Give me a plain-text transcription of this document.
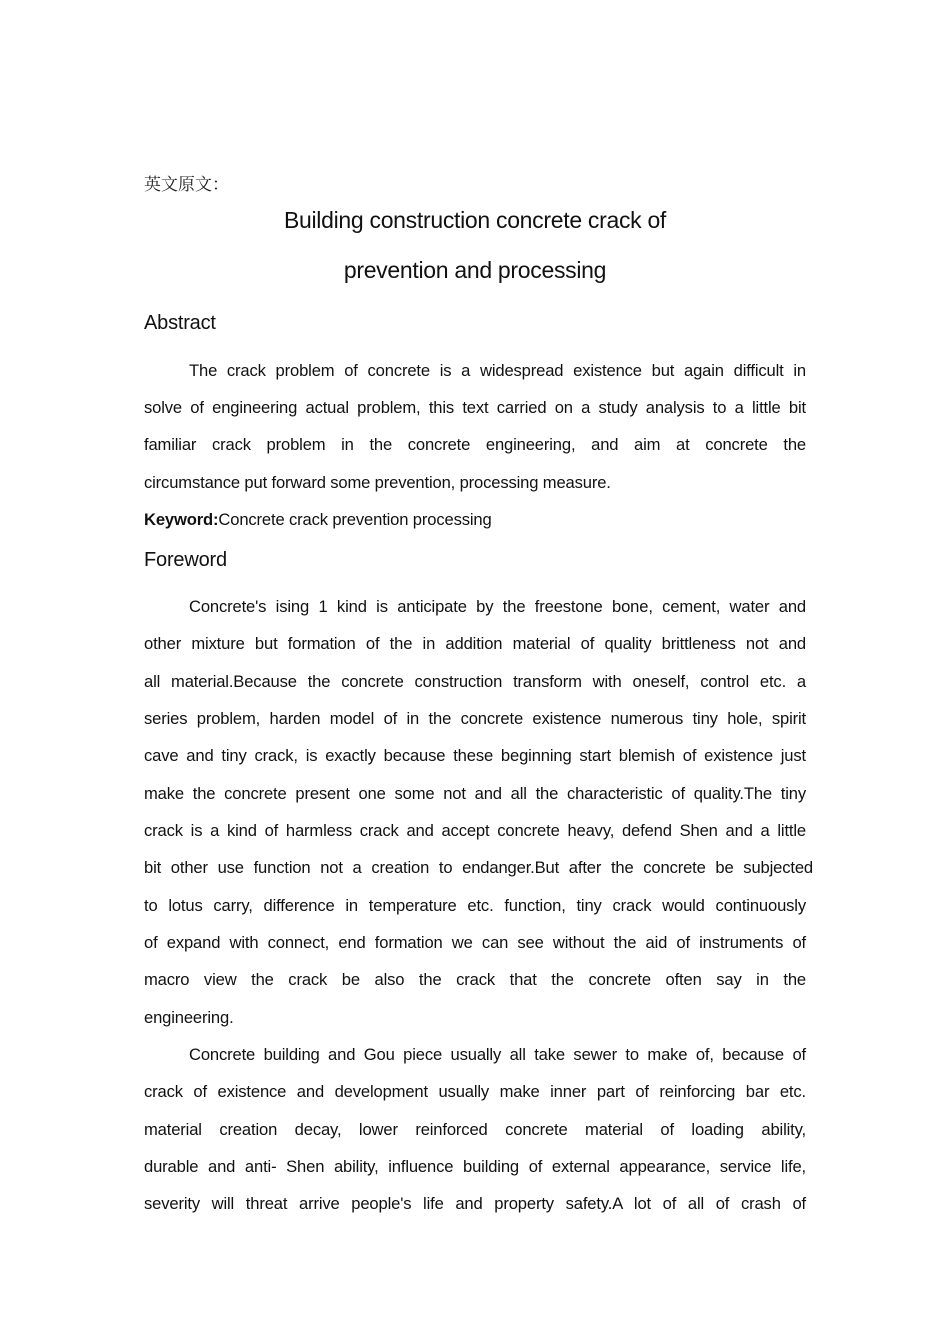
英文原文：
Building construction concrete crack of
prevention and processing
Abstract
The crack problem of concrete is a widespread existence but again difficult in
solve of engineering actual problem, this text carried on a study analysis to a little bit
familiar crack problem in the concrete engineering, and aim at concrete the
circumstance put forward some prevention, processing measure.
Keyword:Concrete crack prevention processing
Foreword
Concrete's ising 1 kind is anticipate by the freestone bone, cement, water and
other mixture but formation of the in addition material of quality brittleness not and
all material.Because the concrete construction transform with oneself, control etc. a
series problem, harden model of in the concrete existence numerous tiny hole, spirit
cave and tiny crack, is exactly because these beginning start blemish of existence just
make the concrete present one some not and all the characteristic of quality.The tiny
crack is a kind of harmless crack and accept concrete heavy, defend Shen and a little
bit other use function not a creation to endanger.But after the concrete be subjected
to lotus carry, difference in temperature etc. function, tiny crack would continuously
of expand with connect, end formation we can see without the aid of instruments of
macro view the crack be also the crack that the concrete often say in the
engineering.
Concrete building and Gou piece usually all take sewer to make of, because of
crack of existence and development usually make inner part of reinforcing bar etc.
material creation decay, lower reinforced concrete material of loading ability,
durable and anti- Shen ability, influence building of external appearance, service life,
severity will threat arrive people's life and property safety.A lot of all of crash of
